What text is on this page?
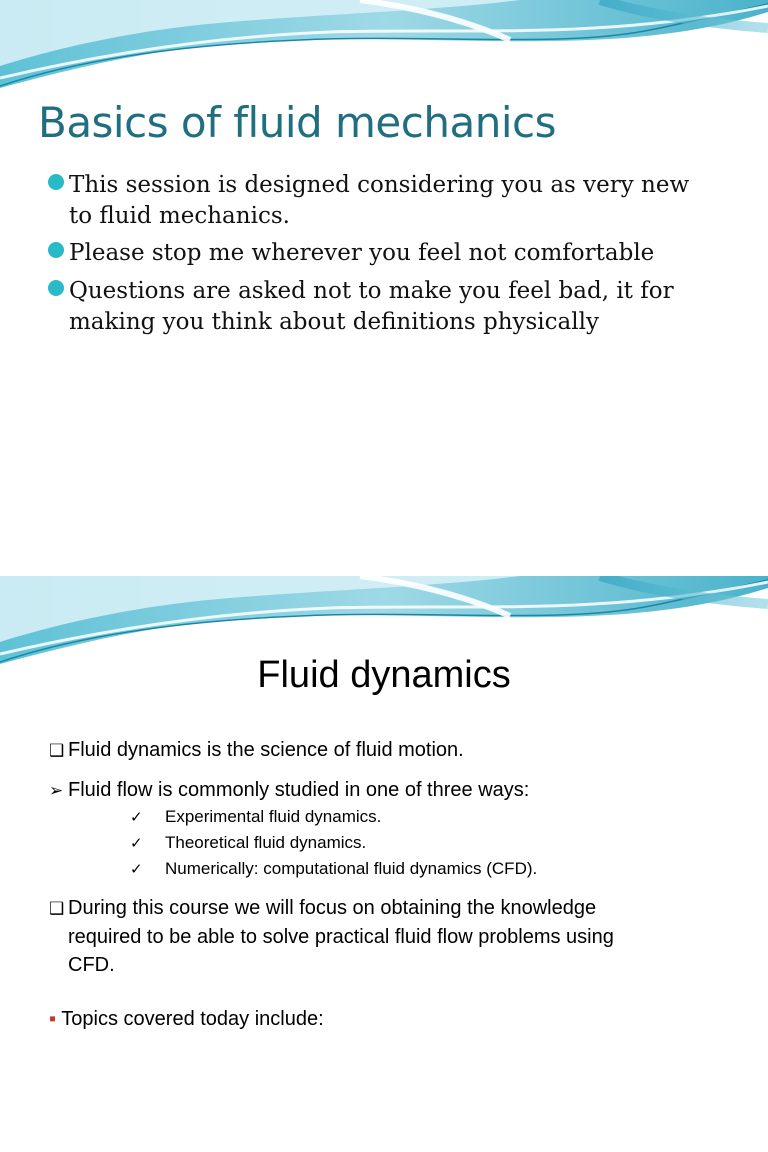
Basics of fluid mechanics
This session is designed considering you as very new
to fluid mechanics.
Please stop me wherever you feel not comfortable
Questions are asked not to make you feel bad, it for
making you think about definitions physically
Fluid dynamics
❑ Fluid dynamics is the science of fluid motion.
➢ Fluid flow is commonly studied in one of three ways:
✓ Experimental fluid dynamics.
✓ Theoretical fluid dynamics.
✓ Numerically: computational fluid dynamics (CFD).
❑ During this course we will focus on obtaining the knowledge
required to be able to solve practical fluid flow problems using
CFD.
▪ Topics covered today include:
